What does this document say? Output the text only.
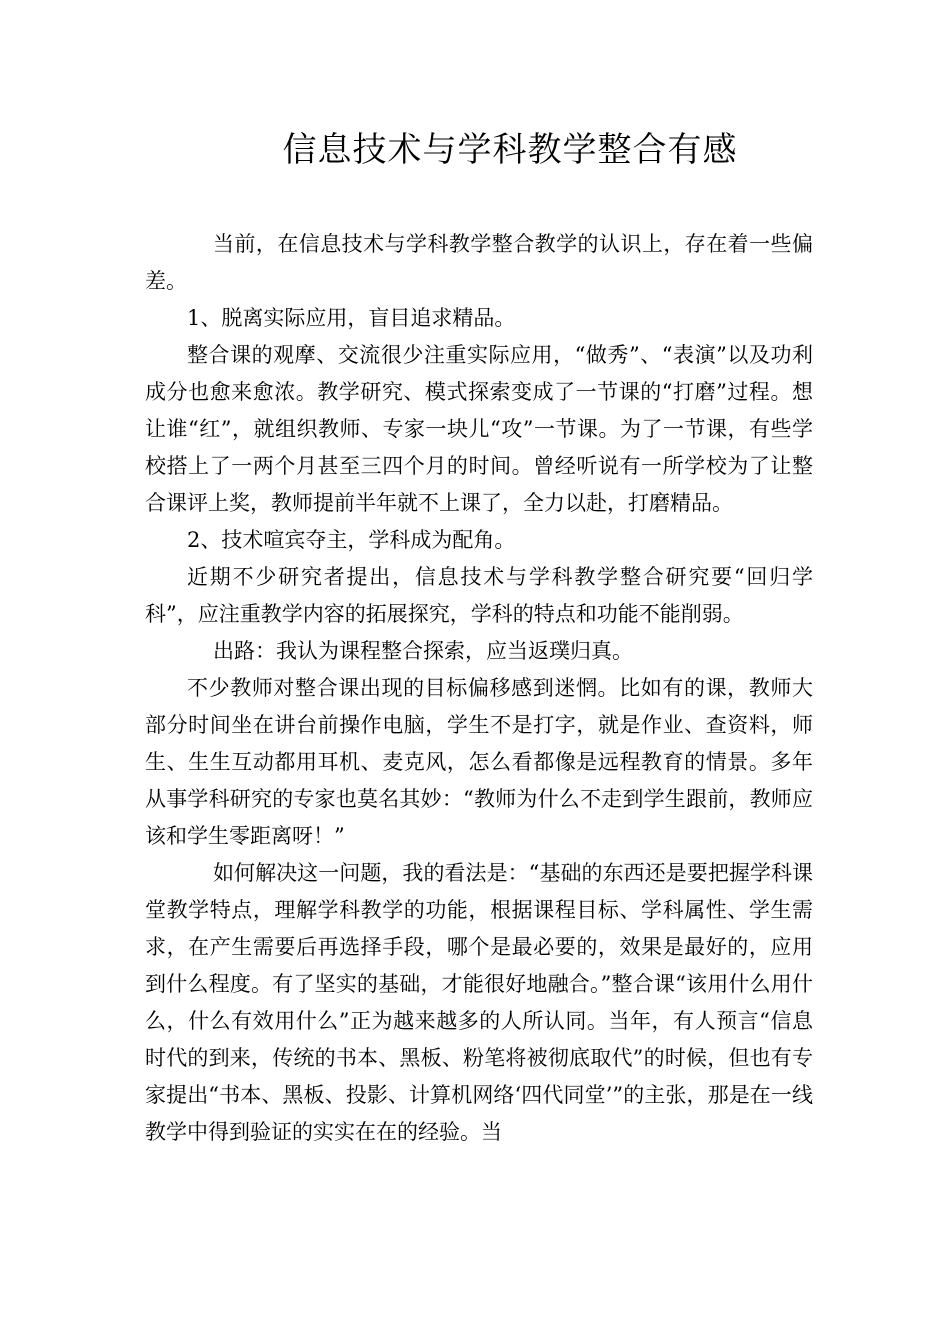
信息技术与学科教学整合有感

当前，在信息技术与学科教学整合教学的认识上，存在着一些偏差。

1、脱离实际应用，盲目追求精品。

整合课的观摩、交流很少注重实际应用，“做秀”、“表演”以及功利成分也愈来愈浓。教学研究、模式探索变成了一节课的“打磨”过程。想让谁“红”，就组织教师、专家一块儿“攻”一节课。为了一节课，有些学校搭上了一两个月甚至三四个月的时间。曾经听说有一所学校为了让整合课评上奖，教师提前半年就不上课了，全力以赴，打磨精品。

2、技术喧宾夺主，学科成为配角。

近期不少研究者提出，信息技术与学科教学整合研究要“回归学科”，应注重教学内容的拓展探究，学科的特点和功能不能削弱。

出路：我认为课程整合探索，应当返璞归真。

不少教师对整合课出现的目标偏移感到迷惘。比如有的课，教师大部分时间坐在讲台前操作电脑，学生不是打字，就是作业、查资料，师生、生生互动都用耳机、麦克风，怎么看都像是远程教育的情景。多年从事学科研究的专家也莫名其妙：“教师为什么不走到学生跟前，教师应该和学生零距离呀！”

如何解决这一问题，我的看法是：“基础的东西还是要把握学科课堂教学特点，理解学科教学的功能，根据课程目标、学科属性、学生需求，在产生需要后再选择手段，哪个是最必要的，效果是最好的，应用到什么程度。有了坚实的基础，才能很好地融合。”整合课“该用什么用什么，什么有效用什么”正为越来越多的人所认同。当年，有人预言“信息时代的到来，传统的书本、黑板、粉笔将被彻底取代”的时候，但也有专家提出“书本、黑板、投影、计算机网络‘四代同堂’”的主张，那是在一线教学中得到验证的实实在在的经验。当
